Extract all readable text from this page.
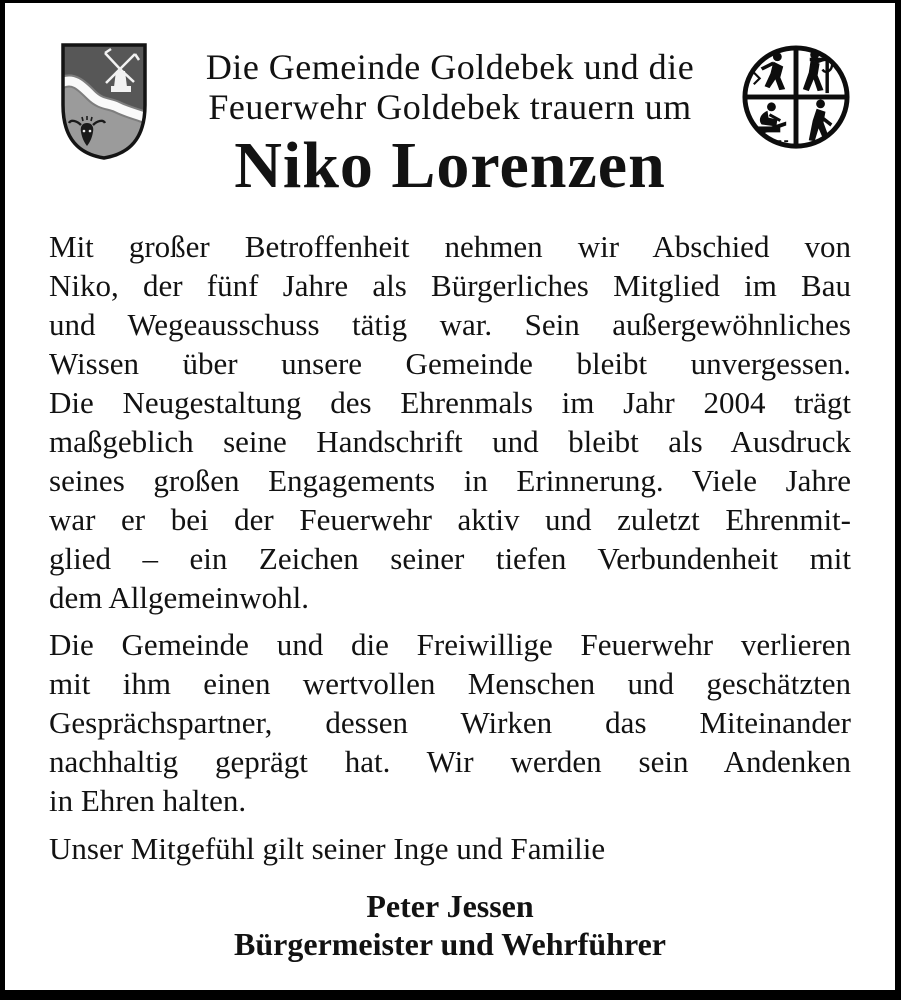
Die Gemeinde Goldebek und die
Feuerwehr Goldebek trauern um
Niko Lorenzen
Mit großer Betroffenheit nehmen wir Abschied von
Niko, der fünf Jahre als Bürgerliches Mitglied im Bau
und Wegeausschuss tätig war. Sein außergewöhnliches
Wissen über unsere Gemeinde bleibt unvergessen.
Die Neugestaltung des Ehrenmals im Jahr 2004 trägt
maßgeblich seine Handschrift und bleibt als Ausdruck
seines großen Engagements in Erinnerung. Viele Jahre
war er bei der Feuerwehr aktiv und zuletzt Ehrenmit-
glied – ein Zeichen seiner tiefen Verbundenheit mit
dem Allgemeinwohl.
Die Gemeinde und die Freiwillige Feuerwehr verlieren
mit ihm einen wertvollen Menschen und geschätzten
Gesprächspartner, dessen Wirken das Miteinander
nachhaltig geprägt hat. Wir werden sein Andenken
in Ehren halten.
Unser Mitgefühl gilt seiner Inge und Familie
Peter Jessen
Bürgermeister und Wehrführer
